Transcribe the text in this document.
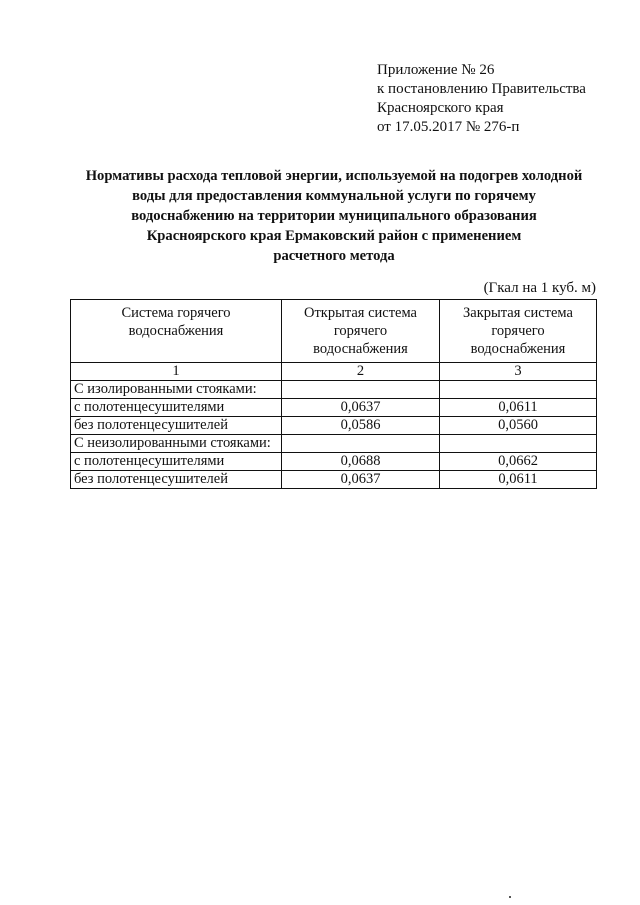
Приложение № 26
к постановлению Правительства
Красноярского края
от 17.05.2017 № 276-п
Нормативы расхода тепловой энергии, используемой на подогрев холодной
воды для предоставления коммунальной услуги по горячему
водоснабжению на территории муниципального образования
Красноярского края Ермаковский район с применением
расчетного метода
(Гкал на 1 куб. м)
Система горячего водоснабжения	Открытая система горячего водоснабжения	Закрытая система горячего водоснабжения
1	2	3
С изолированными стояками:		
с полотенцесушителями	0,0637	0,0611
без полотенцесушителей	0,0586	0,0560
С неизолированными стояками:		
с полотенцесушителями	0,0688	0,0662
без полотенцесушителей	0,0637	0,0611
